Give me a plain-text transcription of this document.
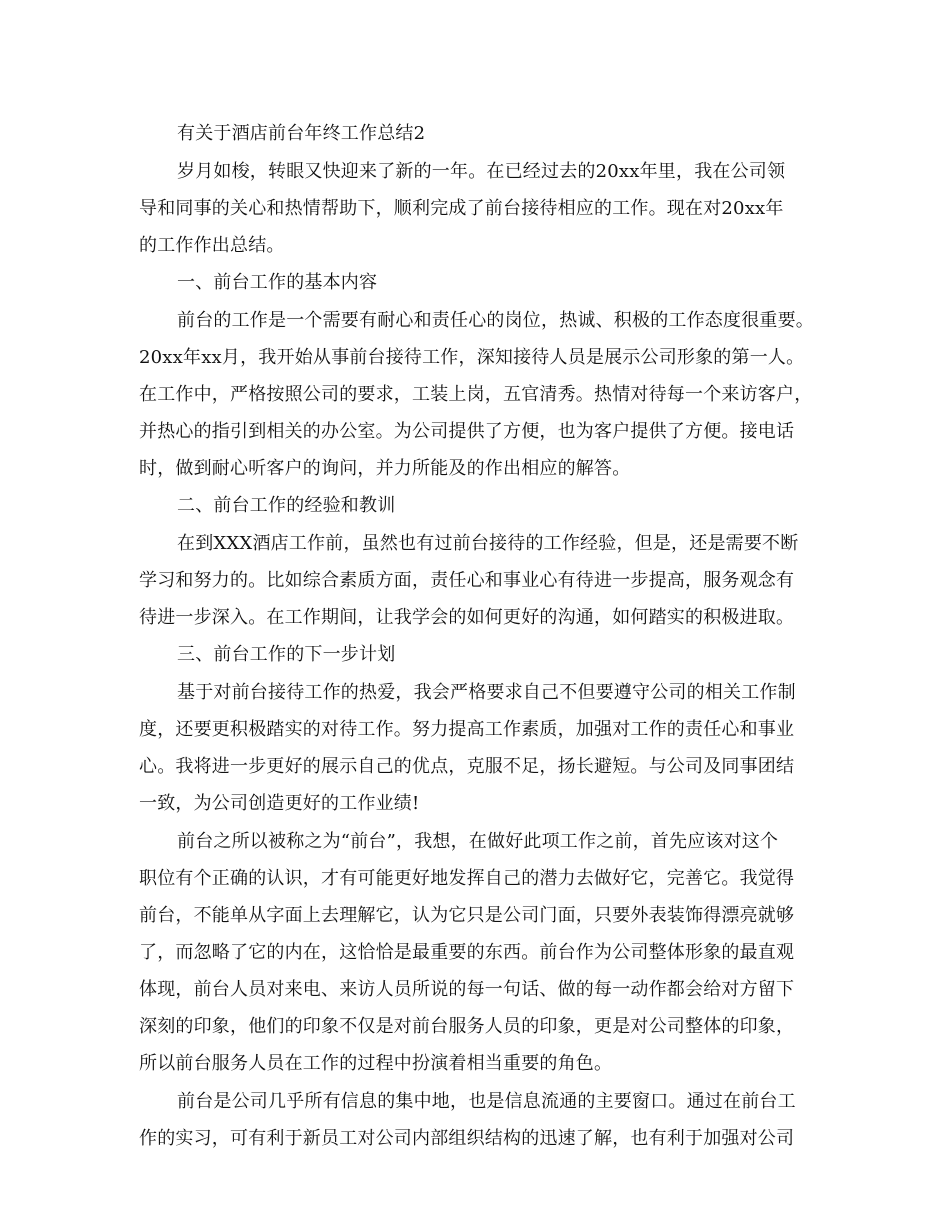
有关于酒店前台年终工作总结2
岁月如梭，转眼又快迎来了新的一年。在已经过去的20xx年里，我在公司领
导和同事的关心和热情帮助下，顺利完成了前台接待相应的工作。现在对20xx年
的工作作出总结。
一、前台工作的基本内容
前台的工作是一个需要有耐心和责任心的岗位，热诚、积极的工作态度很重要。
20xx年xx月，我开始从事前台接待工作，深知接待人员是展示公司形象的第一人。
在工作中，严格按照公司的要求，工装上岗，五官清秀。热情对待每一个来访客户，
并热心的指引到相关的办公室。为公司提供了方便，也为客户提供了方便。接电话
时，做到耐心听客户的询问，并力所能及的作出相应的解答。
二、前台工作的经验和教训
在到XXX酒店工作前，虽然也有过前台接待的工作经验，但是，还是需要不断
学习和努力的。比如综合素质方面，责任心和事业心有待进一步提高，服务观念有
待进一步深入。在工作期间，让我学会的如何更好的沟通，如何踏实的积极进取。
三、前台工作的下一步计划
基于对前台接待工作的热爱，我会严格要求自己不但要遵守公司的相关工作制
度，还要更积极踏实的对待工作。努力提高工作素质，加强对工作的责任心和事业
心。我将进一步更好的展示自己的优点，克服不足，扬长避短。与公司及同事团结
一致，为公司创造更好的工作业绩!
前台之所以被称之为“前台”，我想，在做好此项工作之前，首先应该对这个
职位有个正确的认识，才有可能更好地发挥自己的潜力去做好它，完善它。我觉得
前台，不能单从字面上去理解它，认为它只是公司门面，只要外表装饰得漂亮就够
了，而忽略了它的内在，这恰恰是最重要的东西。前台作为公司整体形象的最直观
体现，前台人员对来电、来访人员所说的每一句话、做的每一动作都会给对方留下
深刻的印象，他们的印象不仅是对前台服务人员的印象，更是对公司整体的印象，
所以前台服务人员在工作的过程中扮演着相当重要的角色。
前台是公司几乎所有信息的集中地，也是信息流通的主要窗口。通过在前台工
作的实习，可有利于新员工对公司内部组织结构的迅速了解，也有利于加强对公司
